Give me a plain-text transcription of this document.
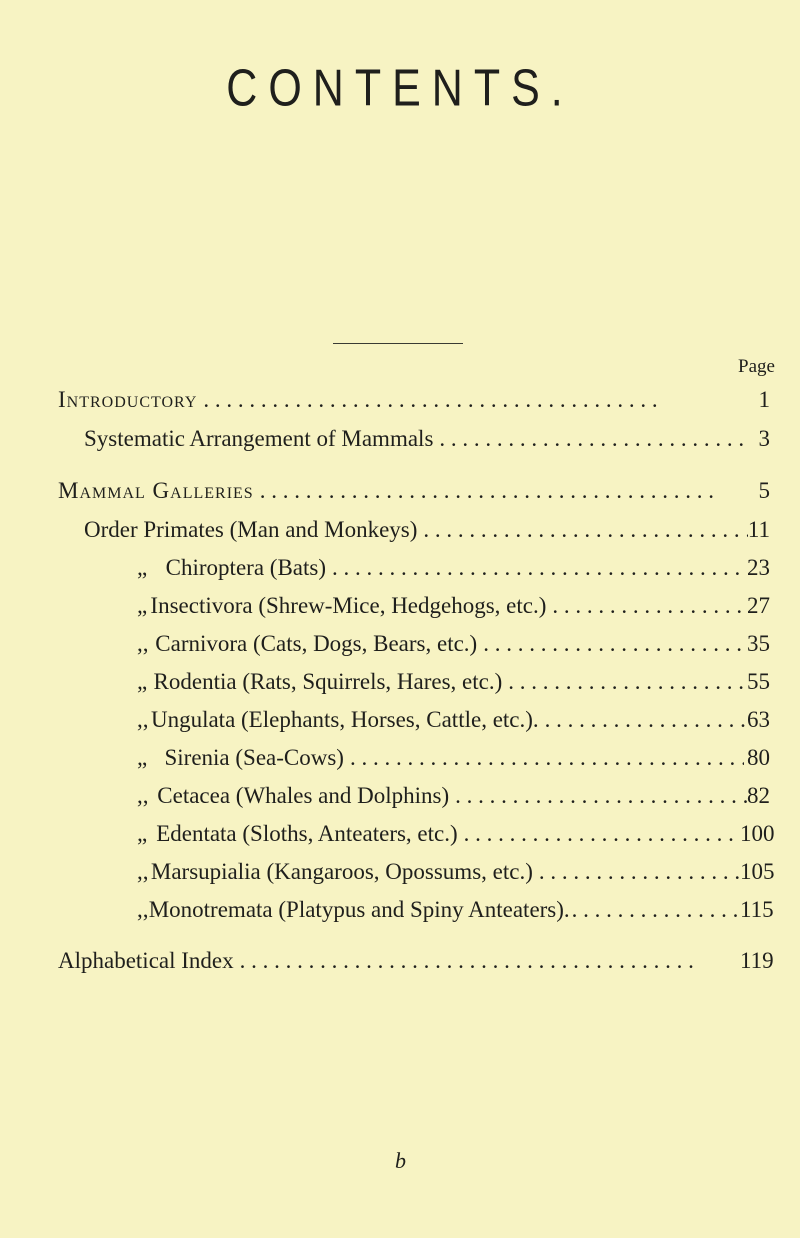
CONTENTS.
Page
Introductory . . .	1
Systematic Arrangement of Mammals . . .	3
Mammal Galleries . . .	5
Order Primates (Man and Monkeys) . . .	11
„ Chiroptera (Bats) . . .	23
„ Insectivora (Shrew-Mice, Hedgehogs, etc.) . . .	27
,, Carnivora (Cats, Dogs, Bears, etc.) . . .	35
„ Rodentia (Rats, Squirrels, Hares, etc.) . . .	55
,, Ungulata (Elephants, Horses, Cattle, etc.). . . .	63
„ Sirenia (Sea-Cows) . . .	80
,, Cetacea (Whales and Dolphins) . . .	82
„ Edentata (Sloths, Anteaters, etc.) . . .	100
,, Marsupialia (Kangaroos, Opossums, etc.) . . .	105
,, Monotremata (Platypus and Spiny Anteaters). . . .	115
Alphabetical Index . . .	119
b
